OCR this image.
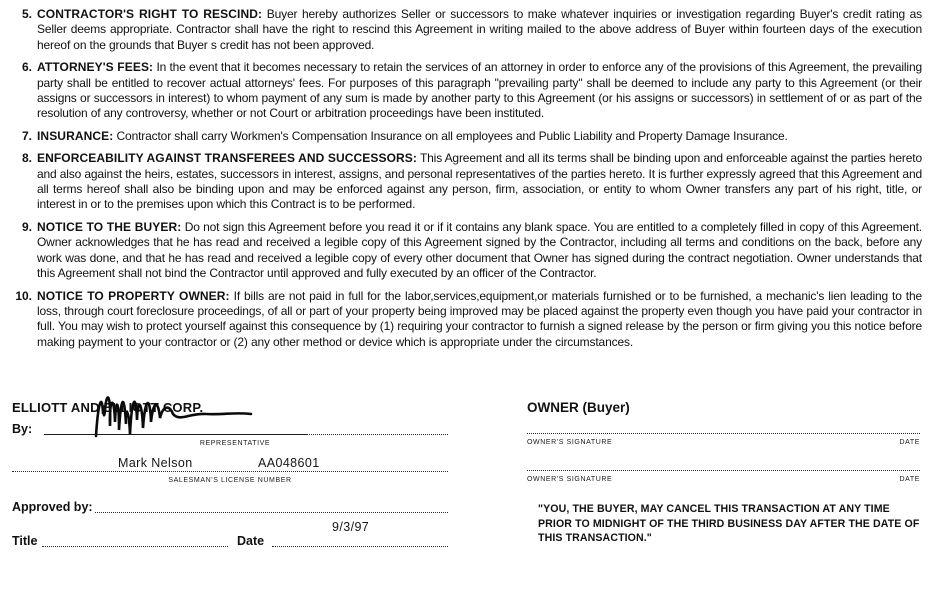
5. CONTRACTOR'S RIGHT TO RESCIND: Buyer hereby authorizes Seller or successors to make whatever inquiries or investigation regarding Buyer's credit rating as Seller deems appropriate. Contractor shall have the right to rescind this Agreement in writing mailed to the above address of Buyer within fourteen days of the execution hereof on the grounds that Buyer s credit has not been approved.
6. ATTORNEY'S FEES: In the event that it becomes necessary to retain the services of an attorney in order to enforce any of the provisions of this Agreement, the prevailing party shall be entitled to recover actual attorneys' fees. For purposes of this paragraph "prevailing party" shall be deemed to include any party to this Agreement (or their assigns or successors in interest) to whom payment of any sum is made by another party to this Agreement (or his assigns or successors) in settlement of or as part of the resolution of any controversy, whether or not Court or arbitration proceedings have been instituted.
7. INSURANCE: Contractor shall carry Workmen's Compensation Insurance on all employees and Public Liability and Property Damage Insurance.
8. ENFORCEABILITY AGAINST TRANSFEREES AND SUCCESSORS: This Agreement and all its terms shall be binding upon and enforceable against the parties hereto and also against the heirs, estates, successors in interest, assigns, and personal representatives of the parties hereto. It is further expressly agreed that this Agreement and all terms hereof shall also be binding upon and may be enforced against any person, firm, association, or entity to whom Owner transfers any part of his right, title, or interest in or to the premises upon which this Contract is to be performed.
9. NOTICE TO THE BUYER: Do not sign this Agreement before you read it or if it contains any blank space. You are entitled to a completely filled in copy of this Agreement. Owner acknowledges that he has read and received a legible copy of this Agreement signed by the Contractor, including all terms and conditions on the back, before any work was done, and that he has read and received a legible copy of every other document that Owner has signed during the contract negotiation. Owner understands that this Agreement shall not bind the Contractor until approved and fully executed by an officer of the Contractor.
10. NOTICE TO PROPERTY OWNER: If bills are not paid in full for the labor,services,equipment,or materials furnished or to be furnished, a mechanic's lien leading to the loss, through court foreclosure proceedings, of all or part of your property being improved may be placed against the property even though you have paid your contractor in full. You may wish to protect yourself against this consequence by (1) requiring your contractor to furnish a signed release by the person or firm giving you this notice before making payment to your contractor or (2) any other method or device which is appropriate under the circumstances.
ELLIOTT AND ELLIOTT CORP.
By:
REPRESENTATIVE
Mark Nelson	AA048601
SALESMAN'S LICENSE NUMBER
Approved by:
Title	Date
9/3/97
OWNER (Buyer)
OWNER'S SIGNATURE	DATE
OWNER'S SIGNATURE	DATE
"YOU, THE BUYER, MAY CANCEL THIS TRANSACTION AT ANY TIME PRIOR TO MIDNIGHT OF THE THIRD BUSINESS DAY AFTER THE DATE OF THIS TRANSACTION."
